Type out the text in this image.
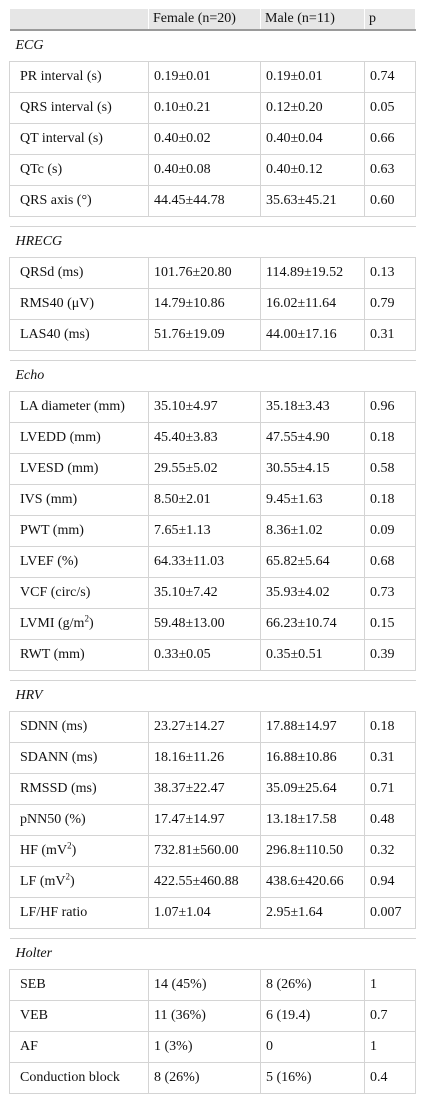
	Female (n=20)	Male (n=11)	p
ECG			
PR interval (s)	0.19±0.01	0.19±0.01	0.74
QRS interval (s)	0.10±0.21	0.12±0.20	0.05
QT interval (s)	0.40±0.02	0.40±0.04	0.66
QTc (s)	0.40±0.08	0.40±0.12	0.63
QRS axis (°)	44.45±44.78	35.63±45.21	0.60

HRECG			
QRSd (ms)	101.76±20.80	114.89±19.52	0.13
RMS40 (μV)	14.79±10.86	16.02±11.64	0.79
LAS40 (ms)	51.76±19.09	44.00±17.16	0.31

Echo			
LA diameter (mm)	35.10±4.97	35.18±3.43	0.96
LVEDD (mm)	45.40±3.83	47.55±4.90	0.18
LVESD (mm)	29.55±5.02	30.55±4.15	0.58
IVS (mm)	8.50±2.01	9.45±1.63	0.18
PWT (mm)	7.65±1.13	8.36±1.02	0.09
LVEF (%)	64.33±11.03	65.82±5.64	0.68
VCF (circ/s)	35.10±7.42	35.93±4.02	0.73
LVMI $(g/m^2)$	59.48±13.00	66.23±10.74	0.15
RWT (mm)	0.33±0.05	0.35±0.51	0.39

HRV			
SDNN (ms)	23.27±14.27	17.88±14.97	0.18
SDANN (ms)	18.16±11.26	16.88±10.86	0.31
RMSSD (ms)	38.37±22.47	35.09±25.64	0.71
pNN50 (%)	17.47±14.97	13.18±17.58	0.48
HF $(mV^2)$	732.81±560.00	296.8±110.50	0.32
LF $(mV^2)$	422.55±460.88	438.6±420.66	0.94
LF/HF ratio	1.07±1.04	2.95±1.64	0.007

Holter			
SEB	14 (45%)	8 (26%)	1
VEB	11 (36%)	6 (19.4)	0.7
AF	1 (3%)	0	1
Conduction block	8 (26%)	5 (16%)	0.4
